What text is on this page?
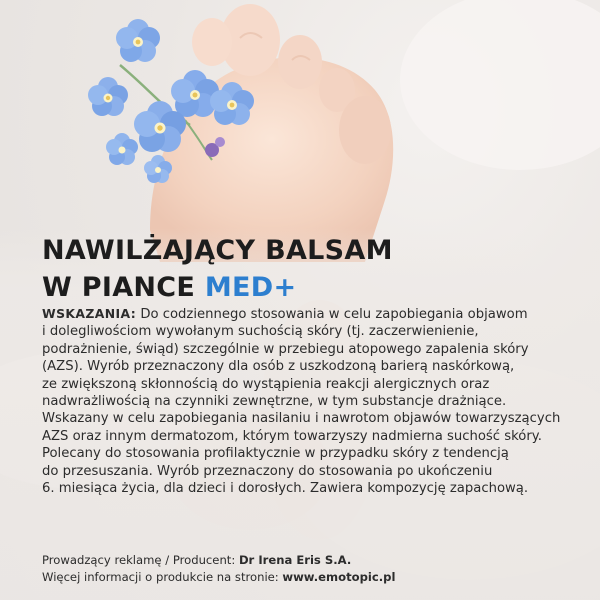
NAWILŻAJĄCY BALSAM
W PIANCE MED+

WSKAZANIA: Do codziennego stosowania w celu zapobiegania objawom
i dolegliwościom wywołanym suchością skóry (tj. zaczerwienienie,
podrażnienie, świąd) szczególnie w przebiegu atopowego zapalenia skóry
(AZS). Wyrób przeznaczony dla osób z uszkodzoną barierą naskórkową,
ze zwiększoną skłonnością do wystąpienia reakcji alergicznych oraz
nadwrażliwością na czynniki zewnętrzne, w tym substancje drażniące.
Wskazany w celu zapobiegania nasilaniu i nawrotom objawów towarzyszących
AZS oraz innym dermatozom, którym towarzyszy nadmierna suchość skóry.
Polecany do stosowania profilaktycznie w przypadku skóry z tendencją
do przesuszania. Wyrób przeznaczony do stosowania po ukończeniu
6. miesiąca życia, dla dzieci i dorosłych. Zawiera kompozycję zapachową.

Prowadzący reklamę / Producent: Dr Irena Eris S.A.
Więcej informacji o produkcie na stronie: www.emotopic.pl
